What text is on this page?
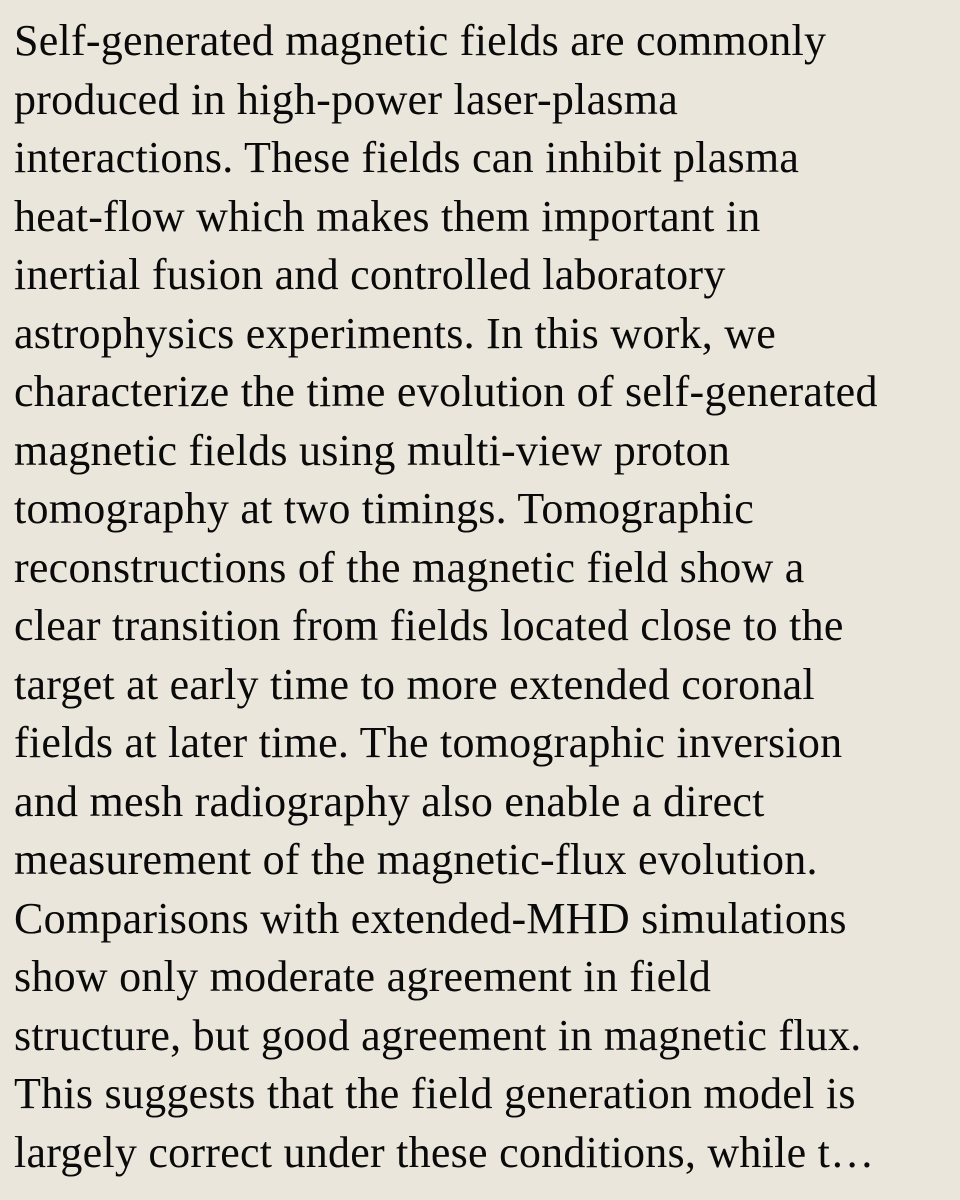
Self-generated magnetic fields are commonly
produced in high-power laser-plasma
interactions. These fields can inhibit plasma
heat-flow which makes them important in
inertial fusion and controlled laboratory
astrophysics experiments. In this work, we
characterize the time evolution of self-generated
magnetic fields using multi-view proton
tomography at two timings. Tomographic
reconstructions of the magnetic field show a
clear transition from fields located close to the
target at early time to more extended coronal
fields at later time. The tomographic inversion
and mesh radiography also enable a direct
measurement of the magnetic-flux evolution.
Comparisons with extended-MHD simulations
show only moderate agreement in field
structure, but good agreement in magnetic flux.
This suggests that the field generation model is
largely correct under these conditions, while t…
